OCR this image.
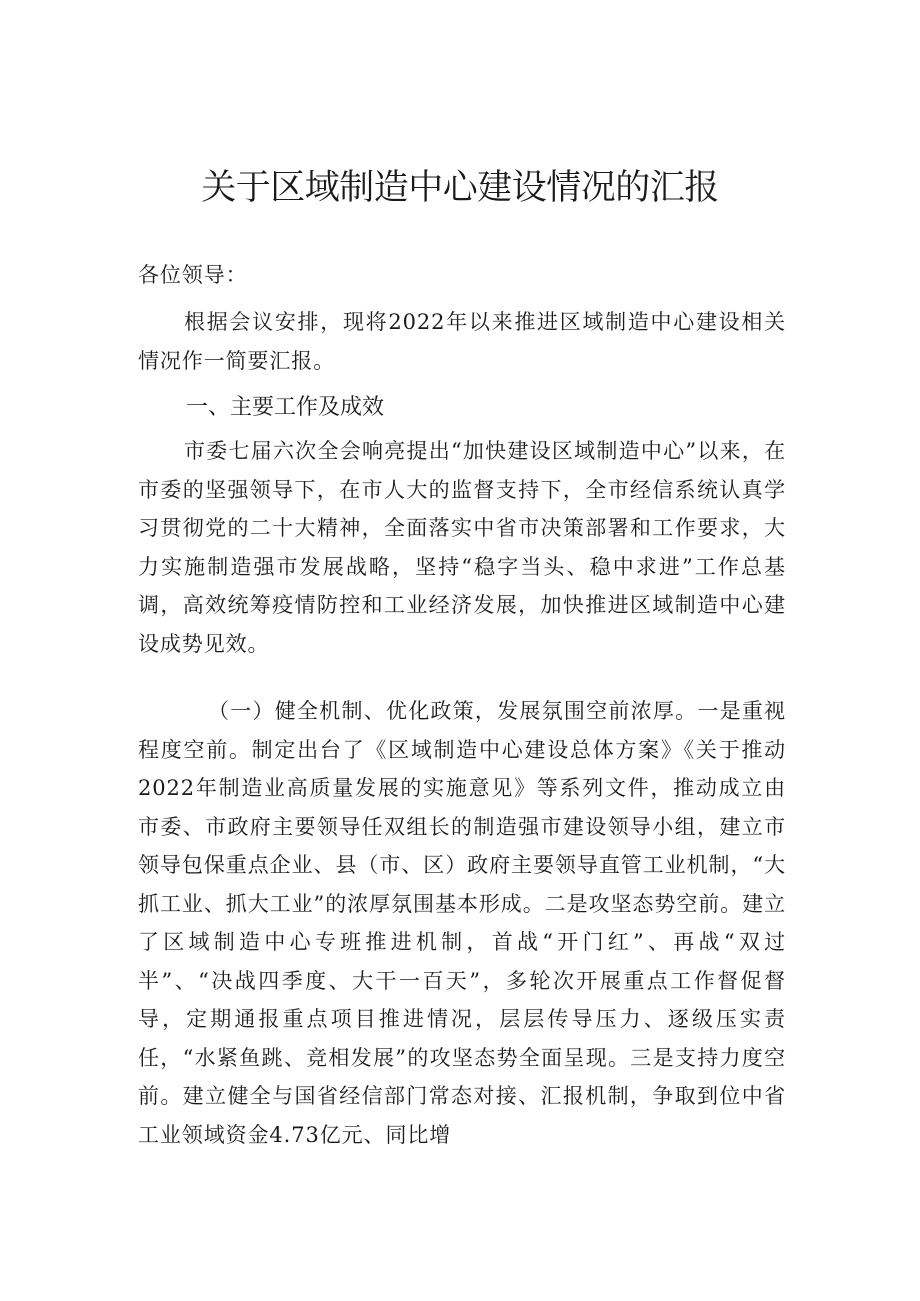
关于区域制造中心建设情况的汇报

各位领导：

根据会议安排，现将2022年以来推进区域制造中心建设相关情况作一简要汇报。

一、主要工作及成效

市委七届六次全会响亮提出“加快建设区域制造中心”以来，在市委的坚强领导下，在市人大的监督支持下，全市经信系统认真学习贯彻党的二十大精神，全面落实中省市决策部署和工作要求，大力实施制造强市发展战略，坚持“稳字当头、稳中求进”工作总基调，高效统筹疫情防控和工业经济发展，加快推进区域制造中心建设成势见效。

（一）健全机制、优化政策，发展氛围空前浓厚。一是重视程度空前。制定出台了《区域制造中心建设总体方案》《关于推动2022年制造业高质量发展的实施意见》等系列文件，推动成立由市委、市政府主要领导任双组长的制造强市建设领导小组，建立市领导包保重点企业、县（市、区）政府主要领导直管工业机制，“大抓工业、抓大工业”的浓厚氛围基本形成。二是攻坚态势空前。建立了区域制造中心专班推进机制，首战“开门红”、再战“双过半”、“决战四季度、大干一百天”，多轮次开展重点工作督促督导，定期通报重点项目推进情况，层层传导压力、逐级压实责任，“水紧鱼跳、竞相发展”的攻坚态势全面呈现。三是支持力度空前。建立健全与国省经信部门常态对接、汇报机制，争取到位中省工业领域资金4.73亿元、同比增
